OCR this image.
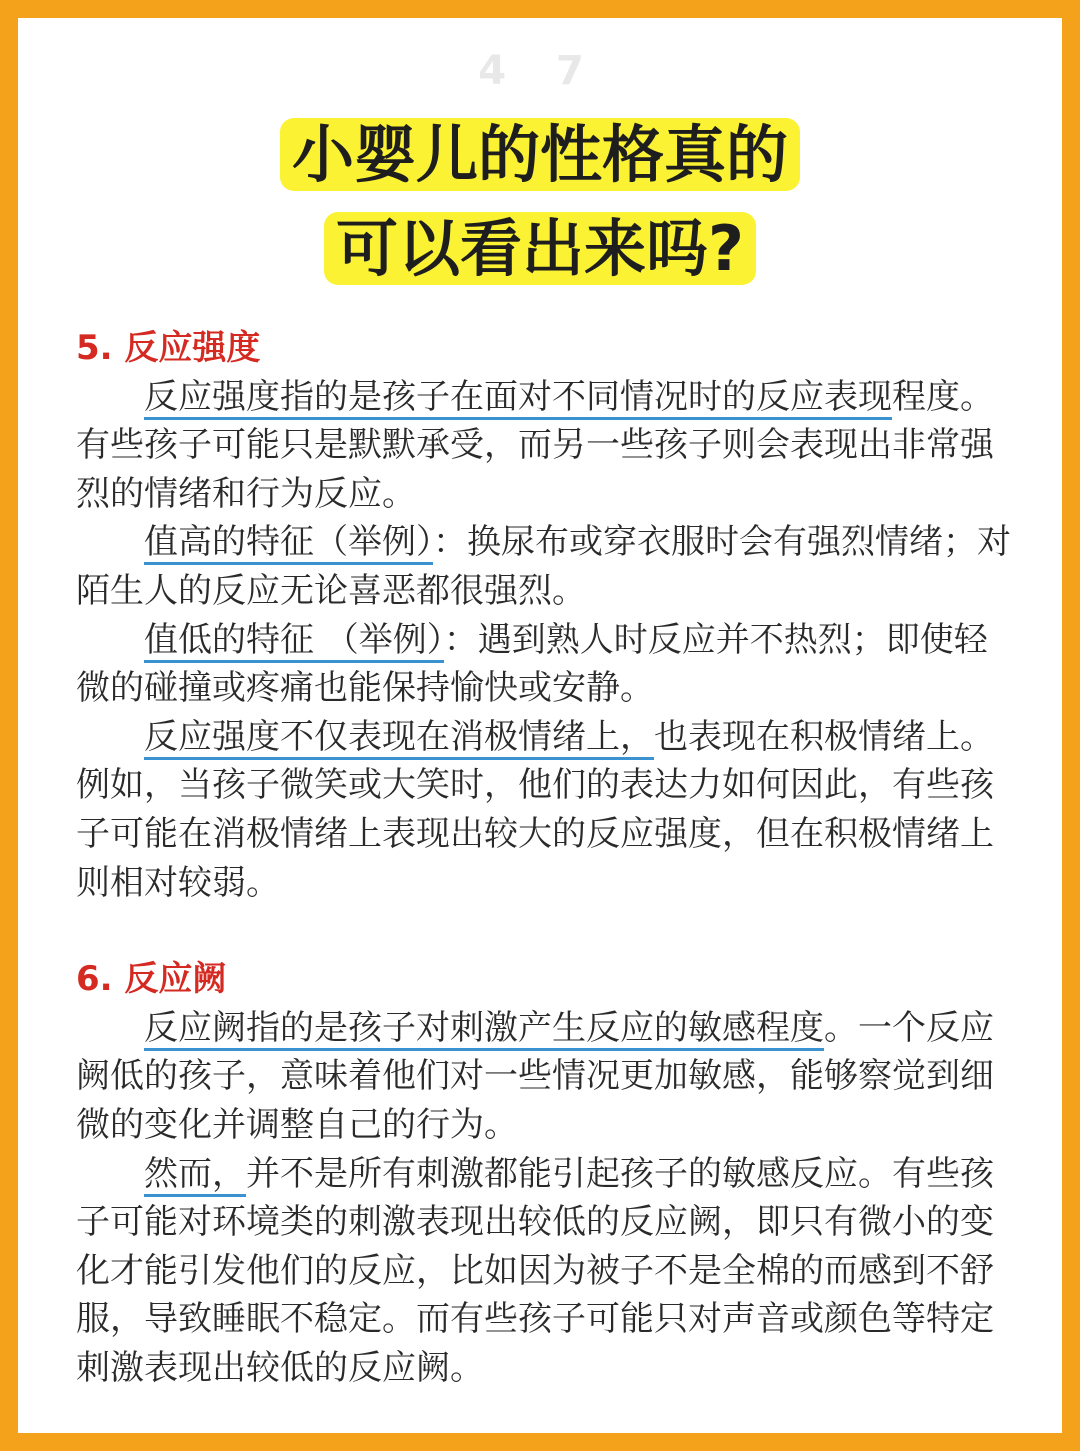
4 7
小婴儿的性格真的
可以看出来吗?
5. 反应强度

反应强度指的是孩子在面对不同情况时的反应表现程度。有些孩子可能只是默默承受，而另一些孩子则会表现出非常强烈的情绪和行为反应。

值高的特征（举例）：换尿布或穿衣服时会有强烈情绪；对陌生人的反应无论喜恶都很强烈。

值低的特征 （举例）：遇到熟人时反应并不热烈；即使轻微的碰撞或疼痛也能保持愉快或安静。

反应强度不仅表现在消极情绪上，也表现在积极情绪上。例如，当孩子微笑或大笑时，他们的表达力如何因此，有些孩子可能在消极情绪上表现出较大的反应强度，但在积极情绪上则相对较弱。

6. 反应阙

反应阙指的是孩子对刺激产生反应的敏感程度。一个反应阙低的孩子，意味着他们对一些情况更加敏感，能够察觉到细微的变化并调整自己的行为。

然而，并不是所有刺激都能引起孩子的敏感反应。有些孩子可能对环境类的刺激表现出较低的反应阙，即只有微小的变化才能引发他们的反应，比如因为被子不是全棉的而感到不舒服，导致睡眠不稳定。而有些孩子可能只对声音或颜色等特定刺激表现出较低的反应阙。
